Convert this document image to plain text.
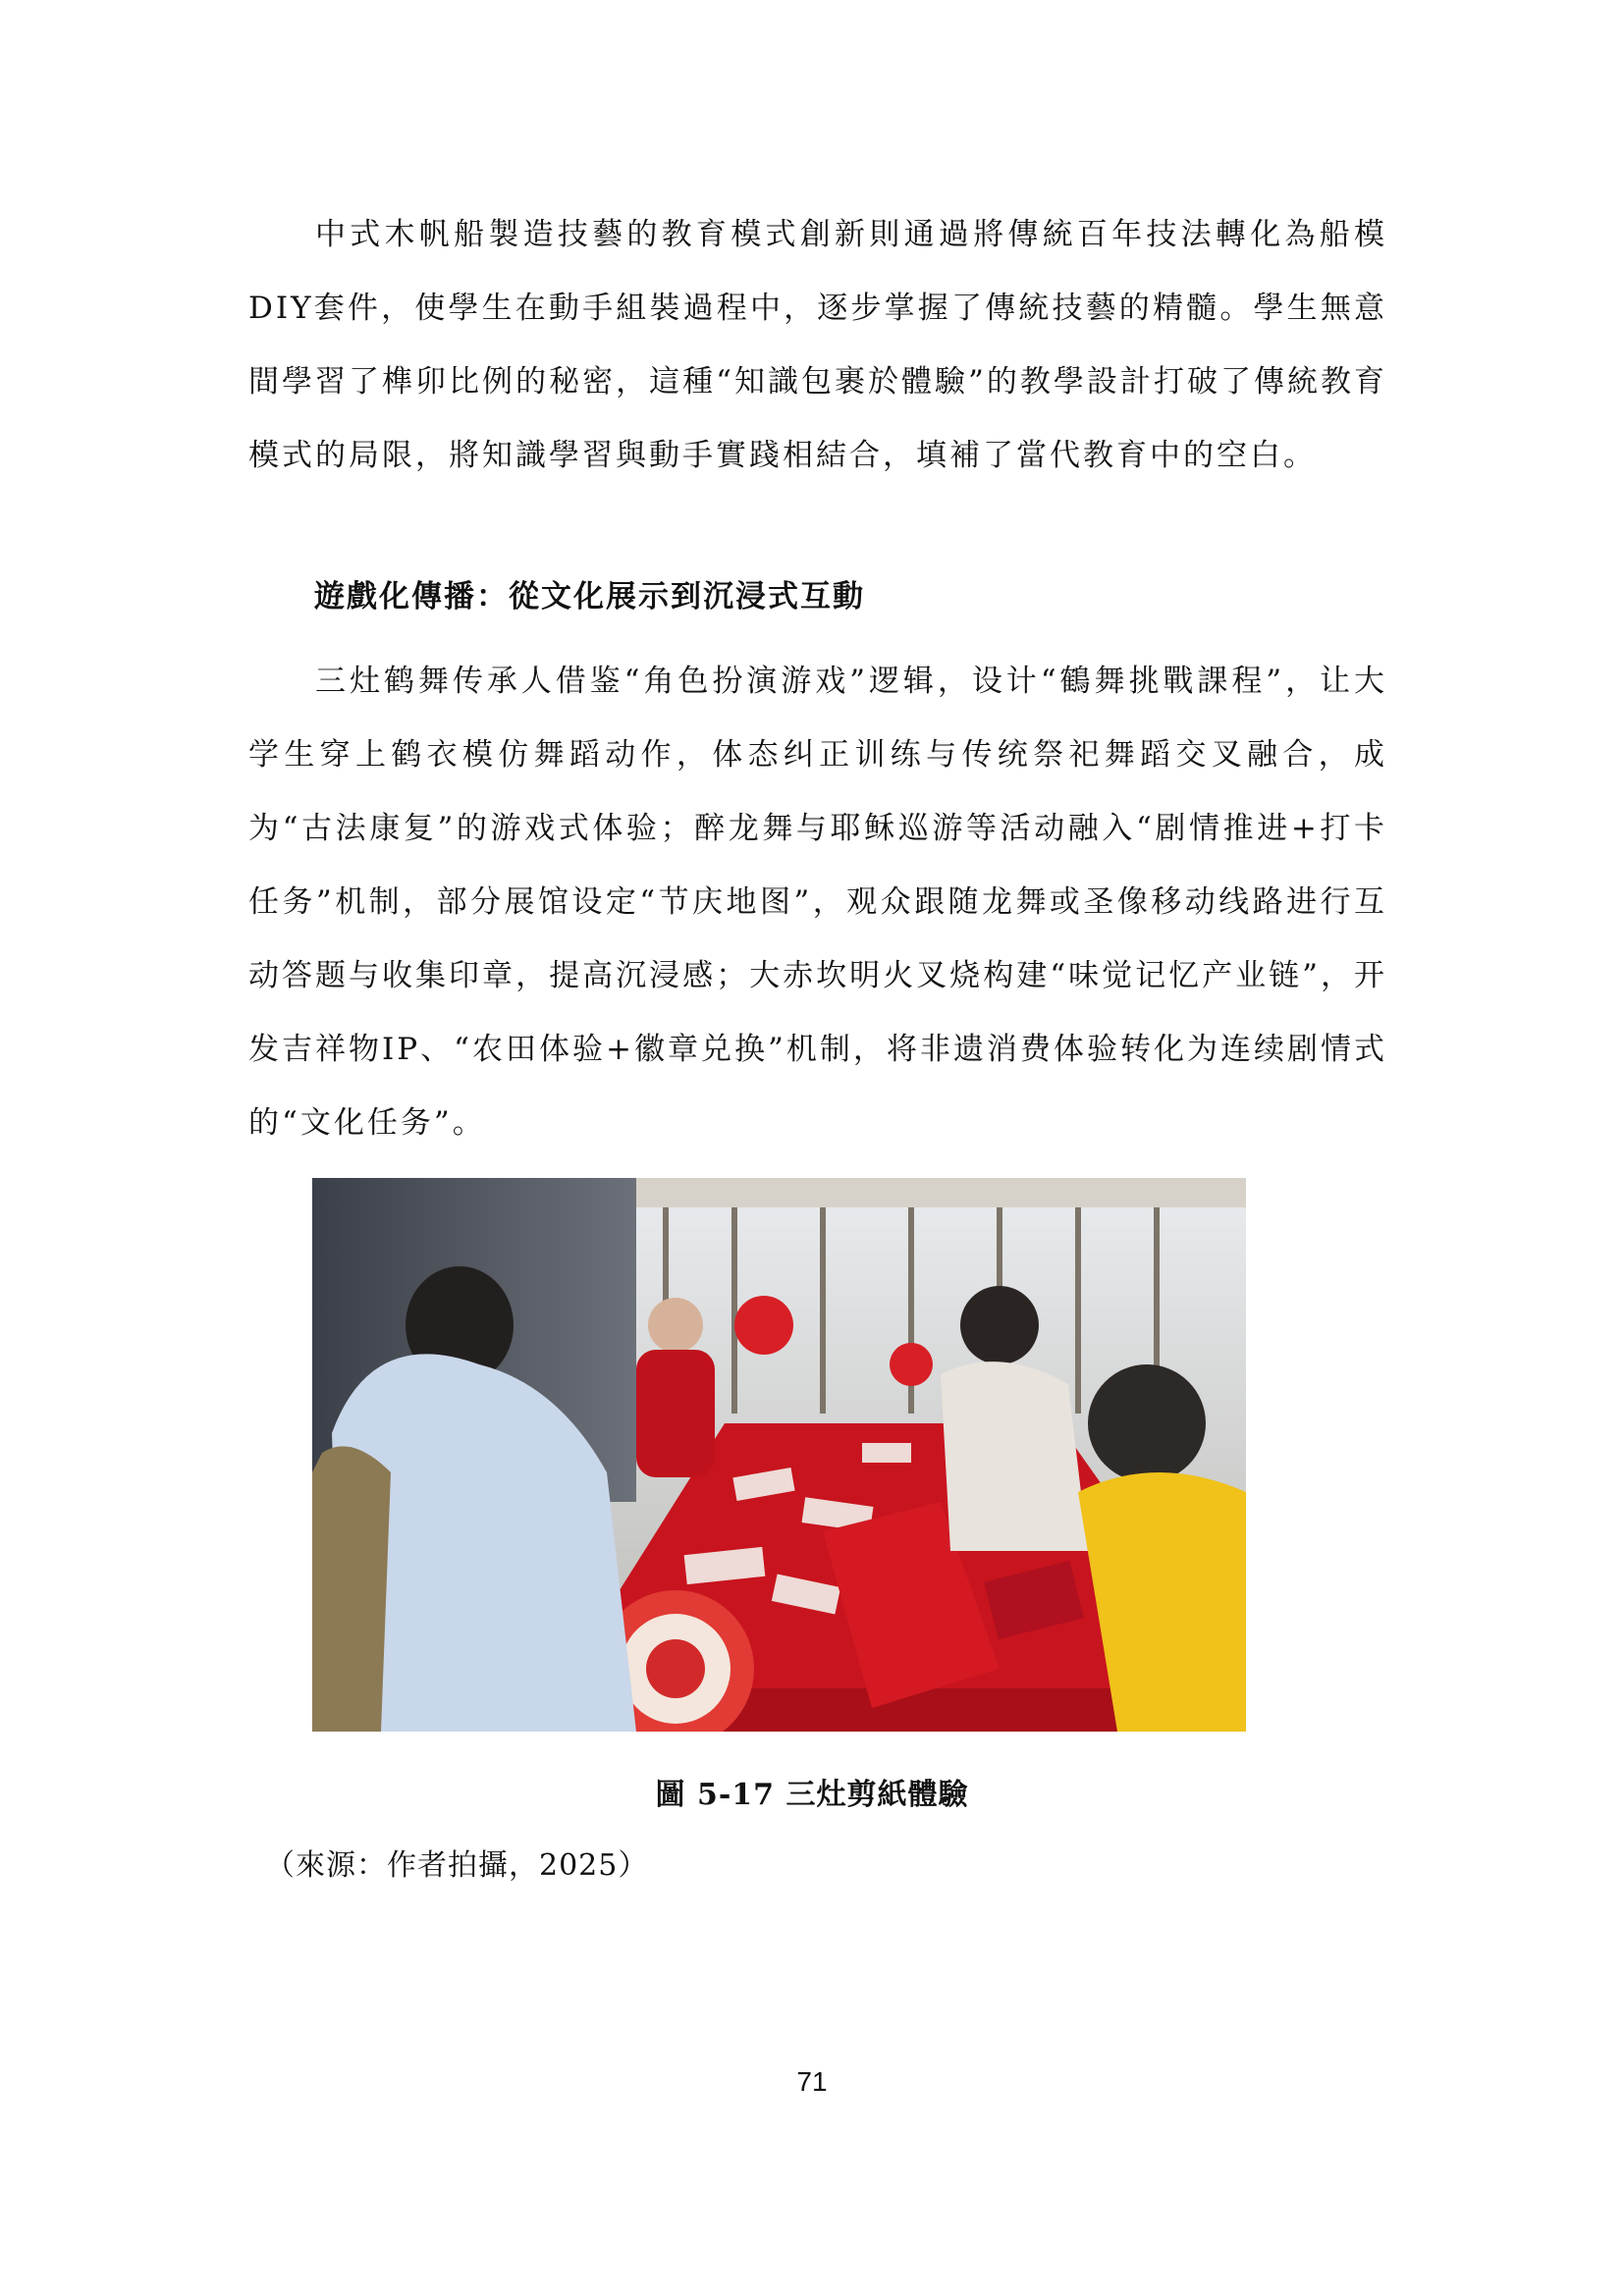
中式木帆船製造技藝的教育模式創新則通過將傳統百年技法轉化為船模DIY套件，使學生在動手組裝過程中，逐步掌握了傳統技藝的精髓。學生無意間學習了榫卯比例的秘密，這種“知識包裹於體驗”的教學設計打破了傳統教育模式的局限，將知識學習與動手實踐相結合，填補了當代教育中的空白。

遊戲化傳播：從文化展示到沉浸式互動

三灶鹤舞传承人借鉴“角色扮演游戏”逻辑，设计“鶴舞挑戰課程”，让大学生穿上鹤衣模仿舞蹈动作，体态纠正训练与传统祭祀舞蹈交叉融合，成为“古法康复”的游戏式体验；醉龙舞与耶稣巡游等活动融入“剧情推进+打卡任务”机制，部分展馆设定“节庆地图”，观众跟随龙舞或圣像移动线路进行互动答题与收集印章，提高沉浸感；大赤坎明火叉烧构建“味觉记忆产业链”，开发吉祥物IP、“农田体验+徽章兑换”机制，将非遗消费体验转化为连续剧情式的“文化任务”。

圖 5-17 三灶剪紙體驗

（來源：作者拍攝，2025）

71
